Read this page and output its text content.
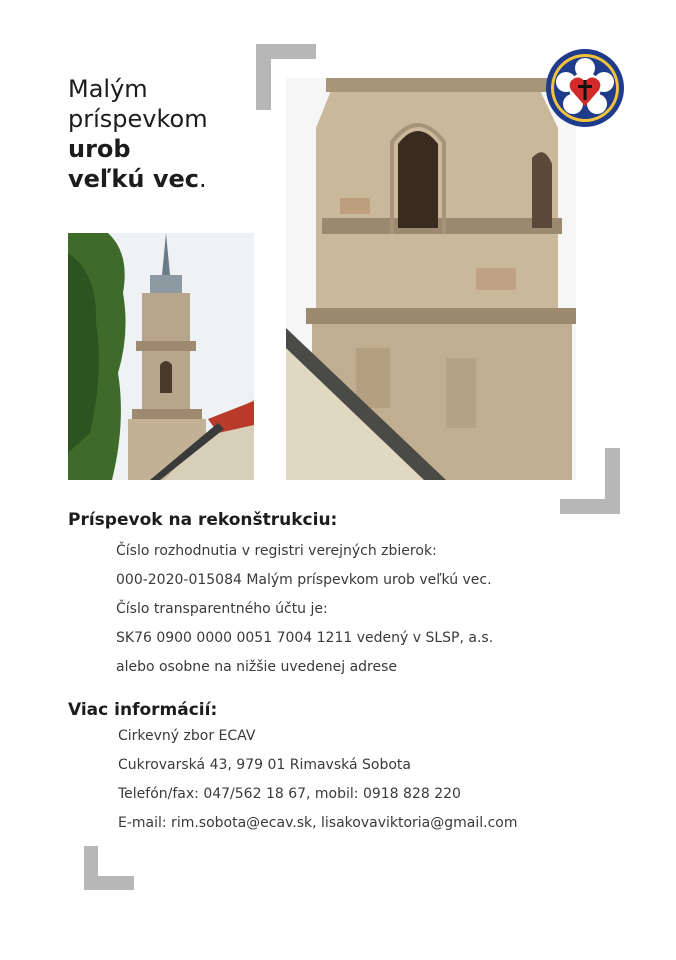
Malým
príspevkom
urob
veľkú vec.
Príspevok na rekonštrukciu:
Číslo rozhodnutia v registri verejných zbierok:
000-2020-015084 Malým príspevkom urob veľkú vec.
Číslo transparentného účtu je:
SK76 0900 0000 0051 7004 1211 vedený v SLSP, a.s.
alebo osobne na nižšie uvedenej adrese
Viac informácií:
Cirkevný zbor ECAV
Cukrovarská 43, 979 01 Rimavská Sobota
Telefón/fax: 047/562 18 67, mobil: 0918 828 220
E-mail: rim.sobota@ecav.sk, lisakovaviktoria@gmail.com
